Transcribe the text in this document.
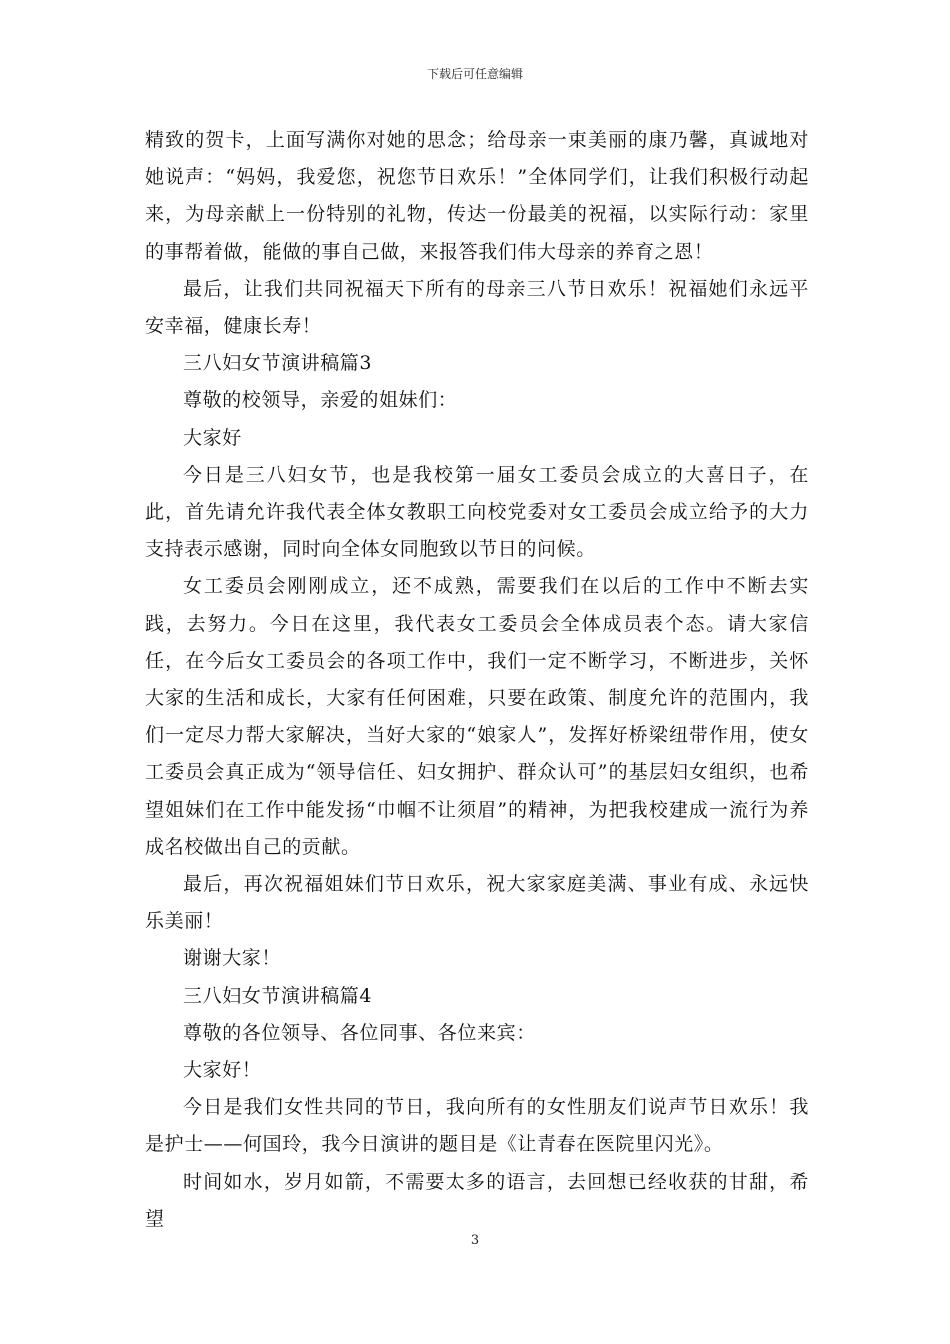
下载后可任意编辑

精致的贺卡，上面写满你对她的思念；给母亲一束美丽的康乃馨，真诚地对她说声：“妈妈，我爱您，祝您节日欢乐！”全体同学们，让我们积极行动起来，为母亲献上一份特别的礼物，传达一份最美的祝福，以实际行动：家里的事帮着做，能做的事自己做，来报答我们伟大母亲的养育之恩！

最后，让我们共同祝福天下所有的母亲三八节日欢乐！祝福她们永远平安幸福，健康长寿！

三八妇女节演讲稿篇3

尊敬的校领导，亲爱的姐妹们：

大家好

今日是三八妇女节，也是我校第一届女工委员会成立的大喜日子，在此，首先请允许我代表全体女教职工向校党委对女工委员会成立给予的大力支持表示感谢，同时向全体女同胞致以节日的问候。

女工委员会刚刚成立，还不成熟，需要我们在以后的工作中不断去实践，去努力。今日在这里，我代表女工委员会全体成员表个态。请大家信任，在今后女工委员会的各项工作中，我们一定不断学习，不断进步，关怀大家的生活和成长，大家有任何困难，只要在政策、制度允许的范围内，我们一定尽力帮大家解决，当好大家的“娘家人”，发挥好桥梁纽带作用，使女工委员会真正成为“领导信任、妇女拥护、群众认可”的基层妇女组织，也希望姐妹们在工作中能发扬“巾帼不让须眉”的精神，为把我校建成一流行为养成名校做出自己的贡献。

最后，再次祝福姐妹们节日欢乐，祝大家家庭美满、事业有成、永远快乐美丽！

谢谢大家！

三八妇女节演讲稿篇4

尊敬的各位领导、各位同事、各位来宾：

大家好！

今日是我们女性共同的节日，我向所有的女性朋友们说声节日欢乐！我是护士——何国玲，我今日演讲的题目是《让青春在医院里闪光》。

时间如水，岁月如箭，不需要太多的语言，去回想已经收获的甘甜，希望

3
